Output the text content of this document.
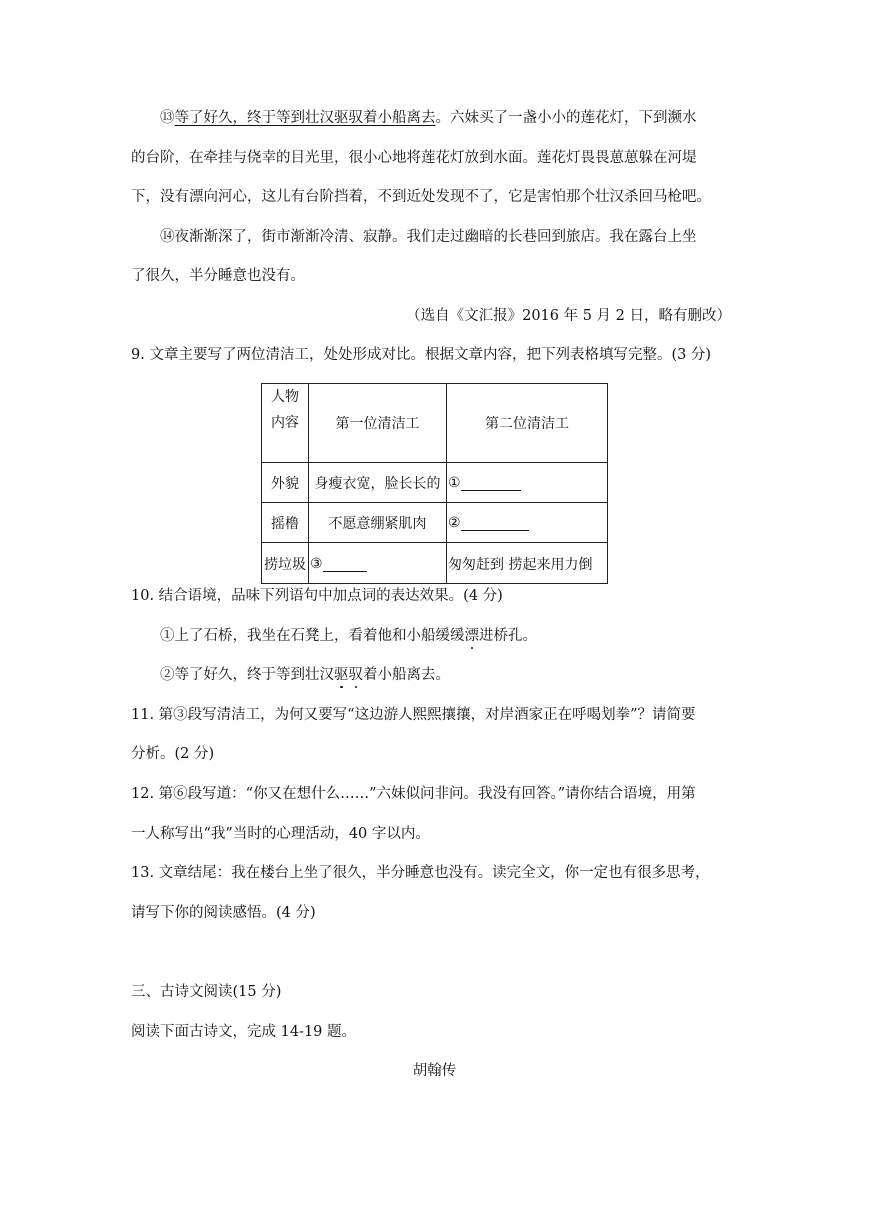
⑬等了好久，终于等到壮汉驱驭着小船离去。六妹买了一盏小小的莲花灯，下到濒水
的台阶，在牵挂与侥幸的目光里，很小心地将莲花灯放到水面。莲花灯畏畏葸葸躲在河堤
下，没有漂向河心，这儿有台阶挡着，不到近处发现不了，它是害怕那个壮汉杀回马枪吧。
⑭夜渐渐深了，街市渐渐冷清、寂静。我们走过幽暗的长巷回到旅店。我在露台上坐
了很久，半分睡意也没有。
（选自《文汇报》2016 年 5 月 2 日，略有删改）
9. 文章主要写了两位清洁工，处处形成对比。根据文章内容，把下列表格填写完整。(3 分)
人物
内容	第一位清洁工	第二位清洁工
外貌	身瘦衣宽，脸长长的	①
摇橹	不愿意绷紧肌肉	②
捞垃圾	③	匆匆赶到 捞起来用力倒
10. 结合语境，品味下列语句中加点词的表达效果。(4 分)
①上了石桥，我坐在石凳上，看着他和小船缓缓漂进桥孔。
②等了好久，终于等到壮汉驱驭着小船离去。
11. 第③段写清洁工，为何又要写“这边游人熙熙攘攘，对岸酒家正在呼喝划拳”？请简要
分析。(2 分)
12. 第⑥段写道：“你又在想什么……”六妹似问非问。我没有回答。”请你结合语境，用第
一人称写出“我”当时的心理活动，40 字以内。
13. 文章结尾：我在楼台上坐了很久，半分睡意也没有。读完全文，你一定也有很多思考，
请写下你的阅读感悟。(4 分)
三、古诗文阅读(15 分)
阅读下面古诗文，完成 14-19 题。
胡翰传
